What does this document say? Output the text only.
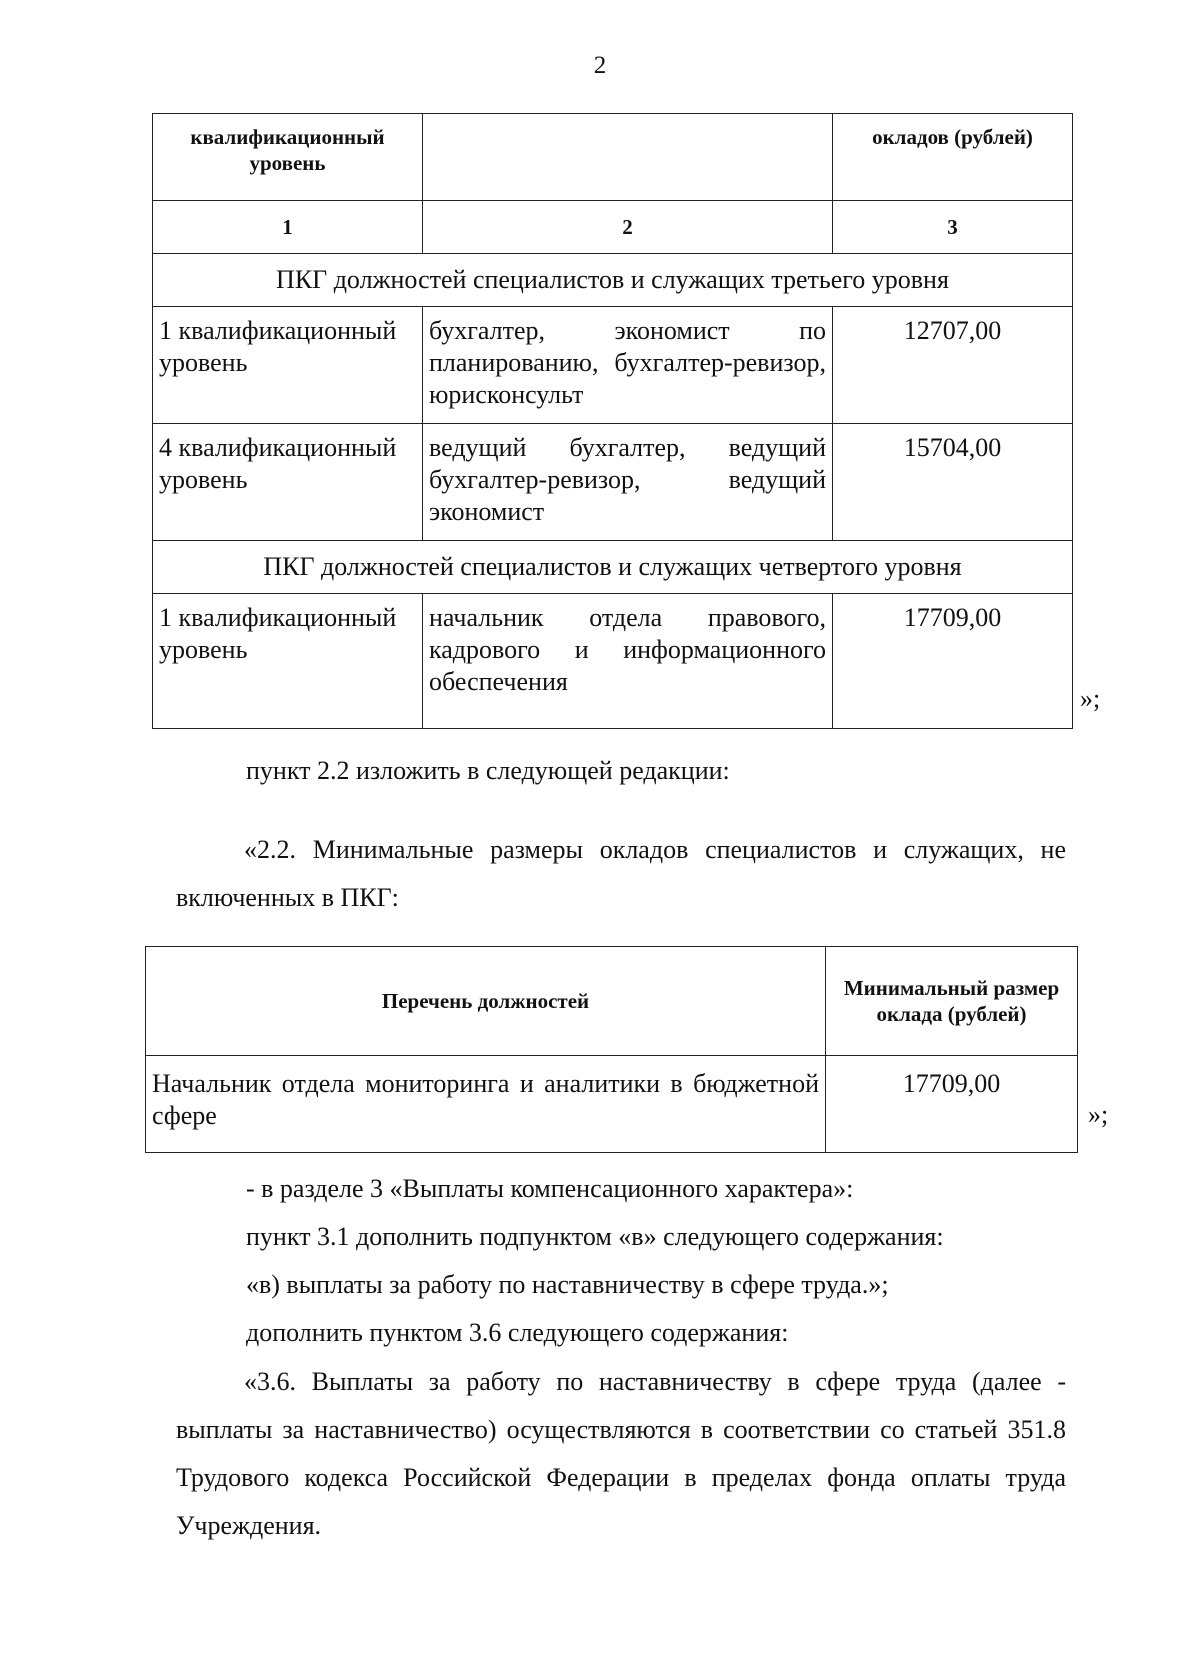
2
квалификационный уровень		окладов (рублей)
1	2	3
ПКГ должностей специалистов и служащих третьего уровня		
1 квалификационный уровень	бухгалтер, экономист по планированию, бухгалтер-ревизор, юрисконсульт	12707,00
4 квалификационный уровень	ведущий бухгалтер, ведущий бухгалтер-ревизор, ведущий экономист	15704,00
ПКГ должностей специалистов и служащих четвертого уровня		
1 квалификационный уровень	начальник отдела правового, кадрового и информационного обеспечения	17709,00
»;
пункт 2.2 изложить в следующей редакции:
«2.2. Минимальные размеры окладов специалистов и служащих, не включенных в ПКГ:
Перечень должностей	Минимальный размер оклада (рублей)
Начальник отдела мониторинга и аналитики в бюджетной сфере	17709,00
»;
- в разделе 3 «Выплаты компенсационного характера»:
пункт 3.1 дополнить подпунктом «в» следующего содержания:
«в) выплаты за работу по наставничеству в сфере труда.»;
дополнить пунктом 3.6 следующего содержания:
«3.6. Выплаты за работу по наставничеству в сфере труда (далее - выплаты за наставничество) осуществляются в соответствии со статьей 351.8 Трудового кодекса Российской Федерации в пределах фонда оплаты труда Учреждения.
